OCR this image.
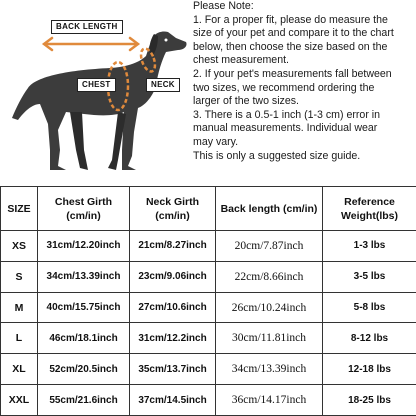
BACK LENGTH
CHEST	NECK

Please Note:

1. For a proper fit, please do measure the

size of your pet and compare it to the chart

below, then choose the size based on the

chest measurement.

2. If your pet's measurements fall between

two sizes, we recommend ordering the

larger of the two sizes.

3. There is a 0.5-1 inch (1-3 cm) error in

manual measurements. Individual wear

may vary.

This is only a suggested size guide.

SIZE	Chest Girth (cm/in)	Neck Girth (cm/in)	Back length (cm/in)	Reference Weight(lbs)
XS	31cm/12.20inch	21cm/8.27inch	20cm/7.87inch	1-3 lbs
S	34cm/13.39inch	23cm/9.06inch	22cm/8.66inch	3-5 lbs
M	40cm/15.75inch	27cm/10.6inch	26cm/10.24inch	5-8 lbs
L	46cm/18.1inch	31cm/12.2inch	30cm/11.81inch	8-12 lbs
XL	52cm/20.5inch	35cm/13.7inch	34cm/13.39inch	12-18 lbs
XXL	55cm/21.6inch	37cm/14.5inch	36cm/14.17inch	18-25 lbs
